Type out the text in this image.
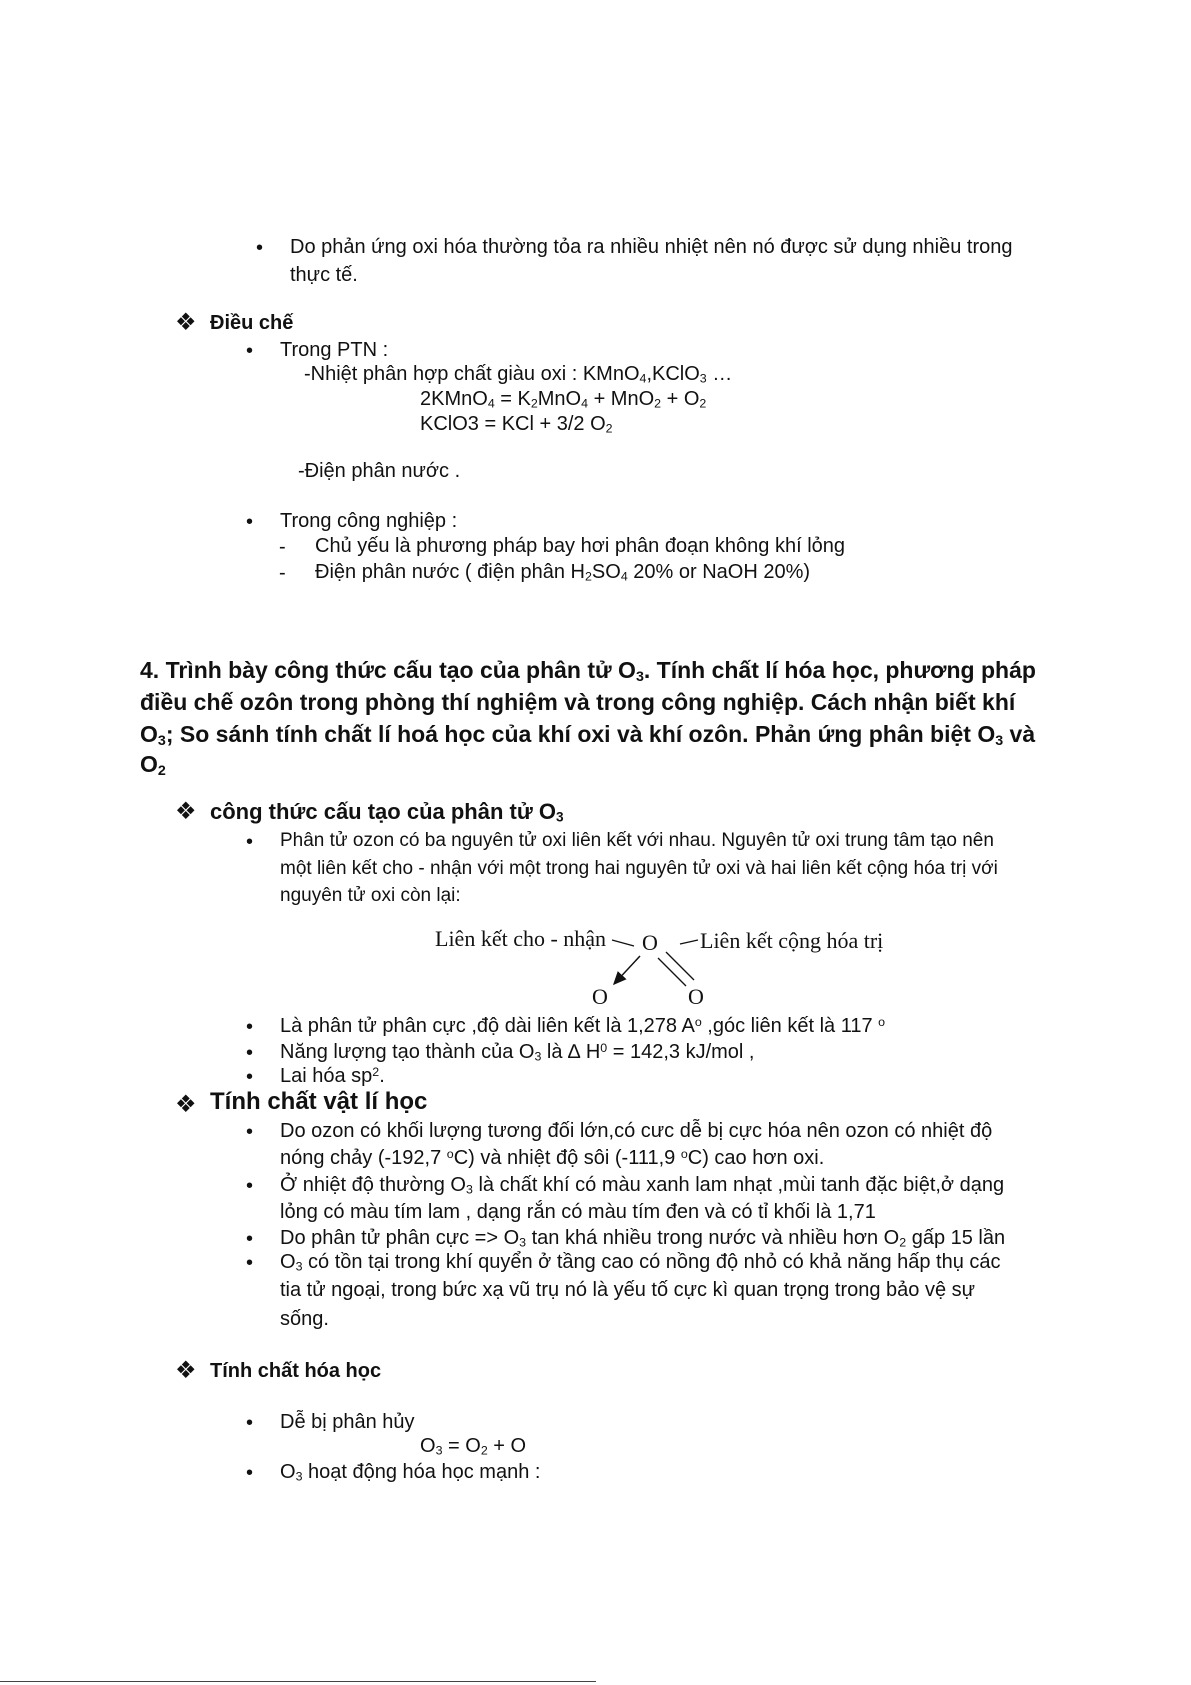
• Do phản ứng oxi hóa thường tỏa ra nhiều nhiệt nên nó được sử dụng nhiều trong
thực tế.
❖ Điều chế
• Trong PTN :
-Nhiệt phân hợp chất giàu oxi : KMnO$_4$,KClO$_3$ …
2KMnO$_4$ = $K_2MnO_4 + MnO_2 + O_2$
KClO3 = KCl + 3/2 $O_2$
-Điện phân nước .
• Trong công nghiệp :
- Chủ yếu là phương pháp bay hơi phân đoạn không khí lỏng
- Điện phân nước ( điện phân $H_2SO_4$ 20% or NaOH 20%)
4. Trình bày công thức cấu tạo của phân tử $O_3$. Tính chất lí hóa học, phương pháp
điều chế ozôn trong phòng thí nghiệm và trong công nghiệp. Cách nhận biết khí
$O_3$; So sánh tính chất lí hoá học của khí oxi và khí ozôn. Phản ứng phân biệt $O_3$ và
$O_2$
❖ công thức cấu tạo của phân tử $O_3$
• Phân tử ozon có ba nguyên tử oxi liên kết với nhau. Nguyên tử oxi trung tâm tạo nên
một liên kết cho - nhận với một trong hai nguyên tử oxi và hai liên kết cộng hóa trị với
nguyên tử oxi còn lại:
Liên kết cho - nhận O Liên kết cộng hóa trị
O	O
• Là phân tử phân cực ,độ dài liên kết là 1,278 $A^o$ ,góc liên kết là 117 $^o$
• Năng lượng tạo thành của $O_3$ là ∆ $H^0 = 142,3$ kJ/mol ,
• Lai hóa $sp^2$.
❖ Tính chất vật lí học
• Do ozon có khối lượng tương đối lớn,có cưc dễ bị cực hóa nên ozon có nhiệt độ
nóng chảy (-192,7 $^o$C) và nhiệt độ sôi (-111,9 $^o$C) cao hơn oxi.
• Ở nhiệt độ thường $O_3$ là chất khí có màu xanh lam nhạt ,mùi tanh đặc biệt,ở dạng
lỏng có màu tím lam , dạng rắn có màu tím đen và có tỉ khối là 1,71
• Do phân tử phân cực => $O_3$ tan khá nhiều trong nước và nhiều hơn $O_2$ gấp 15 lần
• $O_3$ có tồn tại trong khí quyển ở tầng cao có nồng độ nhỏ có khả năng hấp thụ các
tia tử ngoại, trong bức xạ vũ trụ nó là yếu tố cực kì quan trọng trong bảo vệ sự
sống.
❖ Tính chất hóa học
• Dễ bị phân hủy
$O_3 = O_2 + O$
• $O_3$ hoạt động hóa học mạnh :
